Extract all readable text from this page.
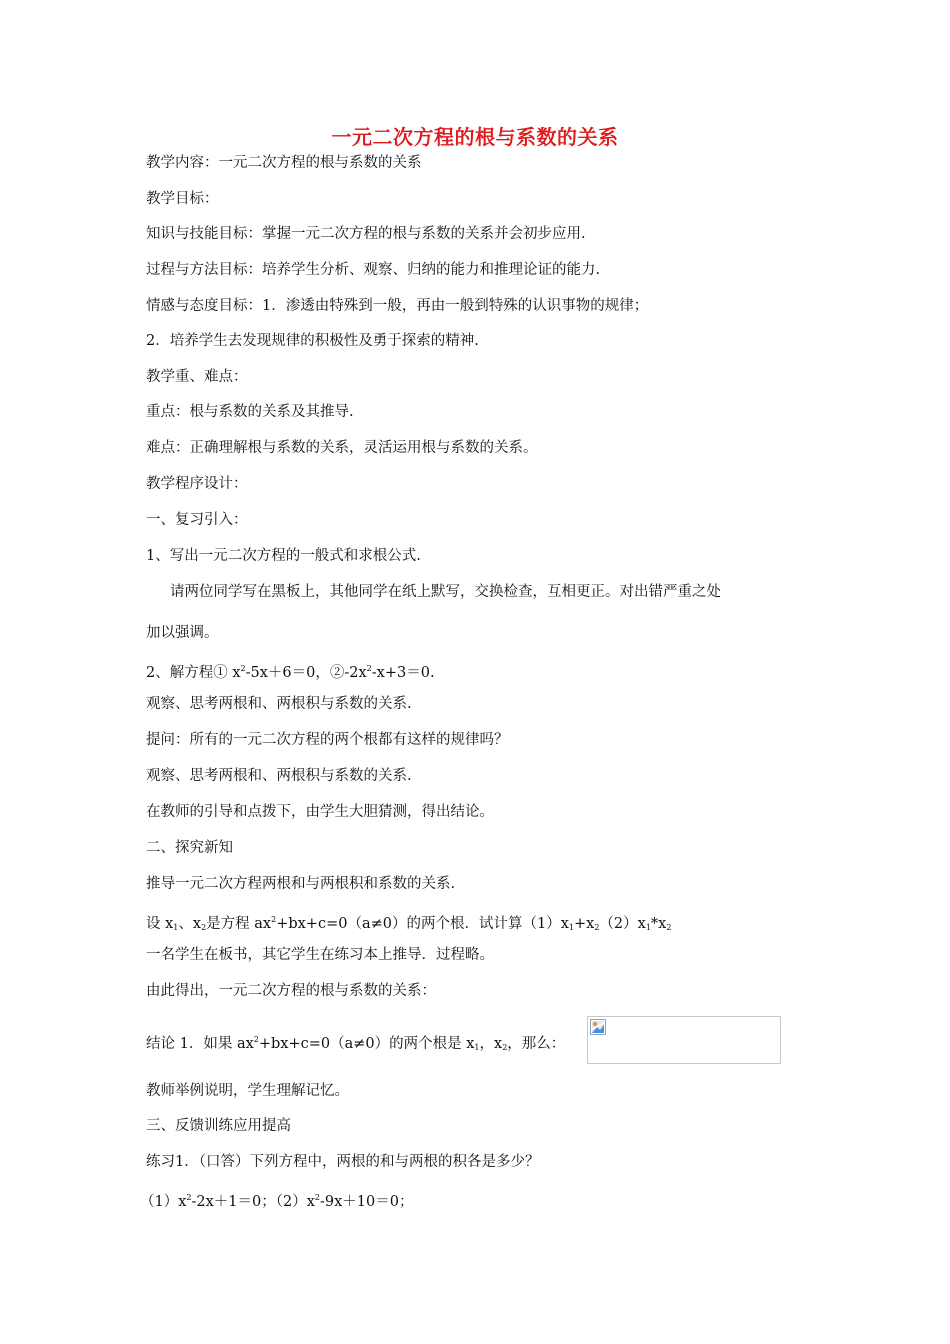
一元二次方程的根与系数的关系
教学内容：一元二次方程的根与系数的关系
教学目标：
知识与技能目标：掌握一元二次方程的根与系数的关系并会初步应用.
过程与方法目标：培养学生分析、观察、归纳的能力和推理论证的能力.
情感与态度目标：1．渗透由特殊到一般，再由一般到特殊的认识事物的规律；
2．培养学生去发现规律的积极性及勇于探索的精神.
教学重、难点：
重点：根与系数的关系及其推导.
难点：正确理解根与系数的关系，灵活运用根与系数的关系。
教学程序设计：
一、复习引入：
1、写出一元二次方程的一般式和求根公式.
请两位同学写在黑板上，其他同学在纸上默写，交换检查，互相更正。对出错严重之处
加以强调。
2、解方程① $x^2-5x+6=0$，$②-2x^2-x+3=0$.
观察、思考两根和、两根积与系数的关系.
提问：所有的一元二次方程的两个根都有这样的规律吗？
观察、思考两根和、两根积与系数的关系.
在教师的引导和点拨下，由学生大胆猜测，得出结论。
二、探究新知
推导一元二次方程两根和与两根积和系数的关系.
设 $x_1$、$x_2$是方程 $ax^2+bx+c=0(a\ne 0)$的两个根．试计算$(1)x_1+x_2(2)x_1*x_2$
一名学生在板书，其它学生在练习本上推导．过程略。
由此得出，一元二次方程的根与系数的关系：
结论 1．如果 $ax^2+bx+c=0(a\ne 0)$的两个根是 $x_1$，$x_2$，那么：
教师举例说明，学生理解记忆。
三、反馈训练应用提高
练习1．（口答）下列方程中，两根的和与两根的积各是多少？
$(1)x^2-2x+1=0$；$(2)x^2-9x+10=0$；
